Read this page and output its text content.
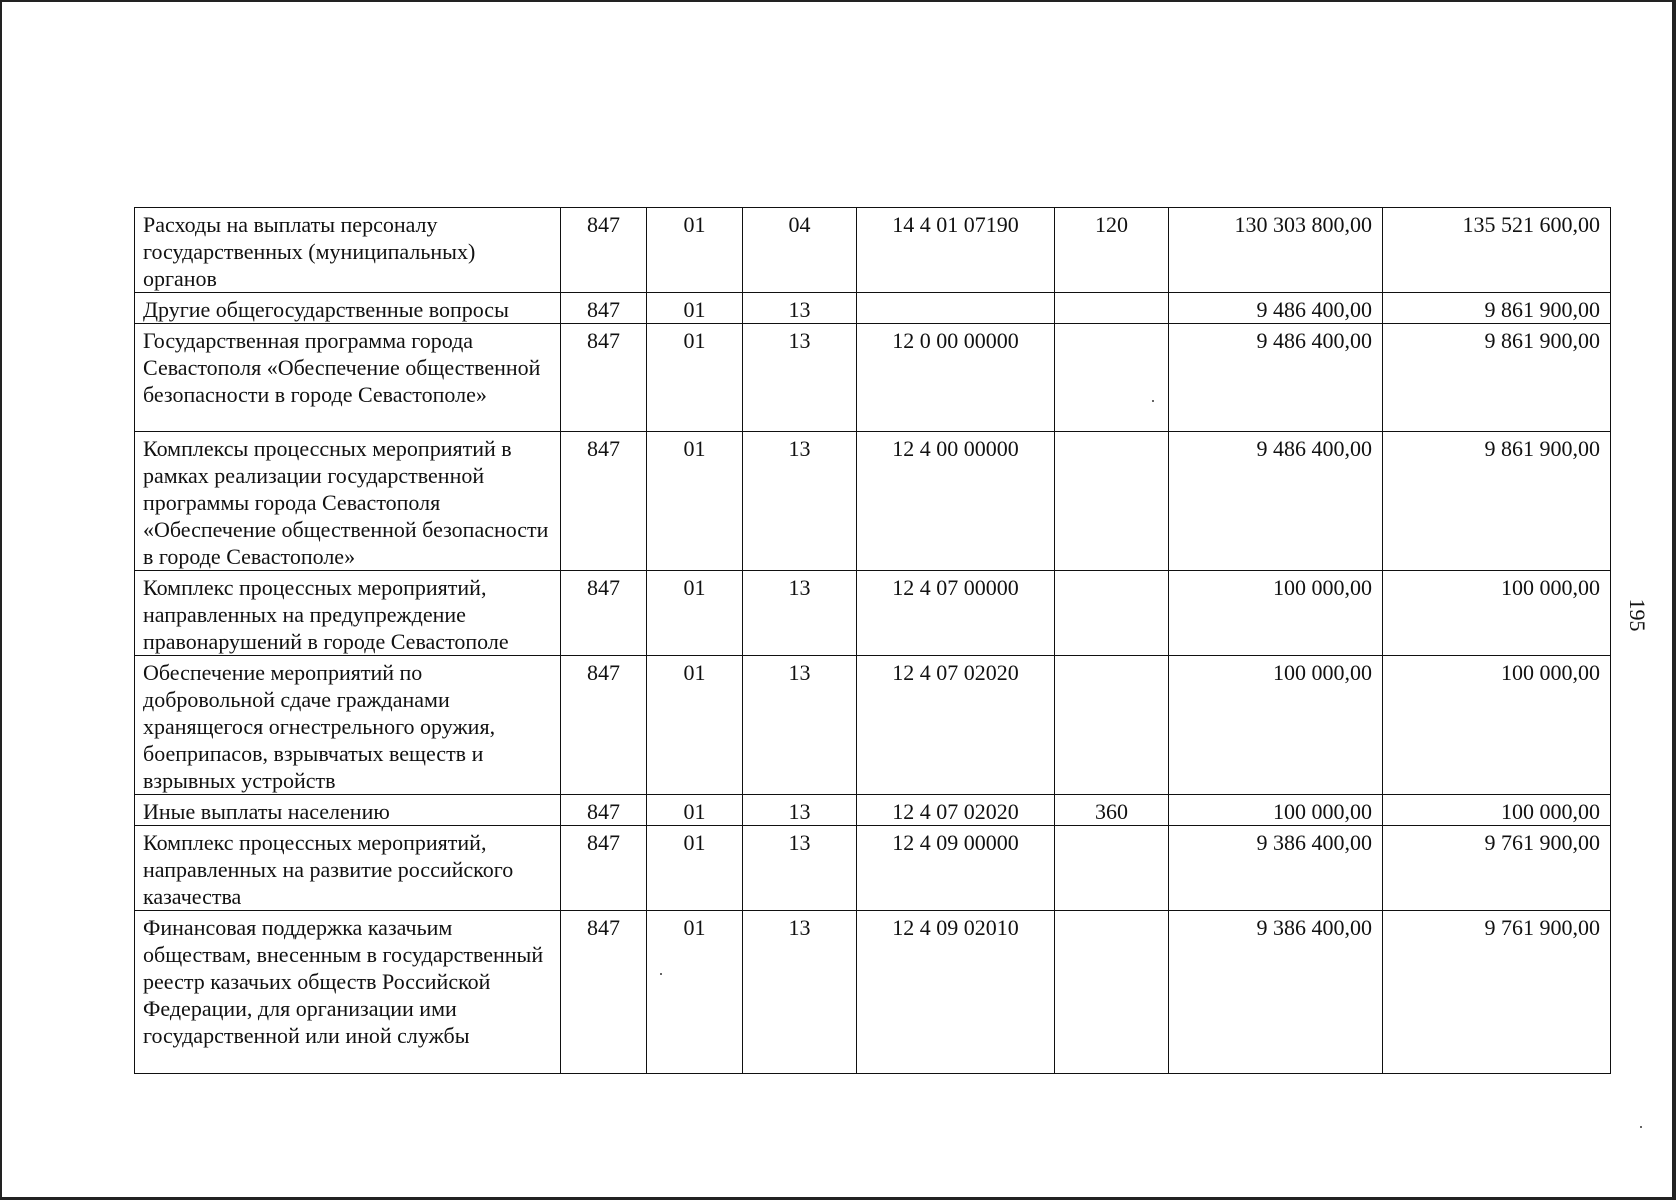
Расходы на выплаты персоналу государственных (муниципальных) органов	847	01	04	14 4 01 07190	120	130 303 800,00	135 521 600,00
Другие общегосударственные вопросы	847	01	13			9 486 400,00	9 861 900,00
Государственная программа города Севастополя «Обеспечение общественной безопасности в городе Севастополе»	847	01	13	12 0 00 00000		9 486 400,00	9 861 900,00
Комплексы процессных мероприятий в рамках реализации государственной программы города Севастополя «Обеспечение общественной безопасности в городе Севастополе»	847	01	13	12 4 00 00000		9 486 400,00	9 861 900,00
Комплекс процессных мероприятий, направленных на предупреждение правонарушений в городе Севастополе	847	01	13	12 4 07 00000		100 000,00	100 000,00
Обеспечение мероприятий по добровольной сдаче гражданами хранящегося огнестрельного оружия, боеприпасов, взрывчатых веществ и взрывных устройств	847	01	13	12 4 07 02020		100 000,00	100 000,00
Иные выплаты населению	847	01	13	12 4 07 02020	360	100 000,00	100 000,00
Комплекс процессных мероприятий, направленных на развитие российского казачества	847	01	13	12 4 09 00000		9 386 400,00	9 761 900,00
Финансовая поддержка казачьим обществам, внесенным в государственный реестр казачьих обществ Российской Федерации, для организации ими государственной или иной службы	847	01	13	12 4 09 02010		9 386 400,00	9 761 900,00
195
